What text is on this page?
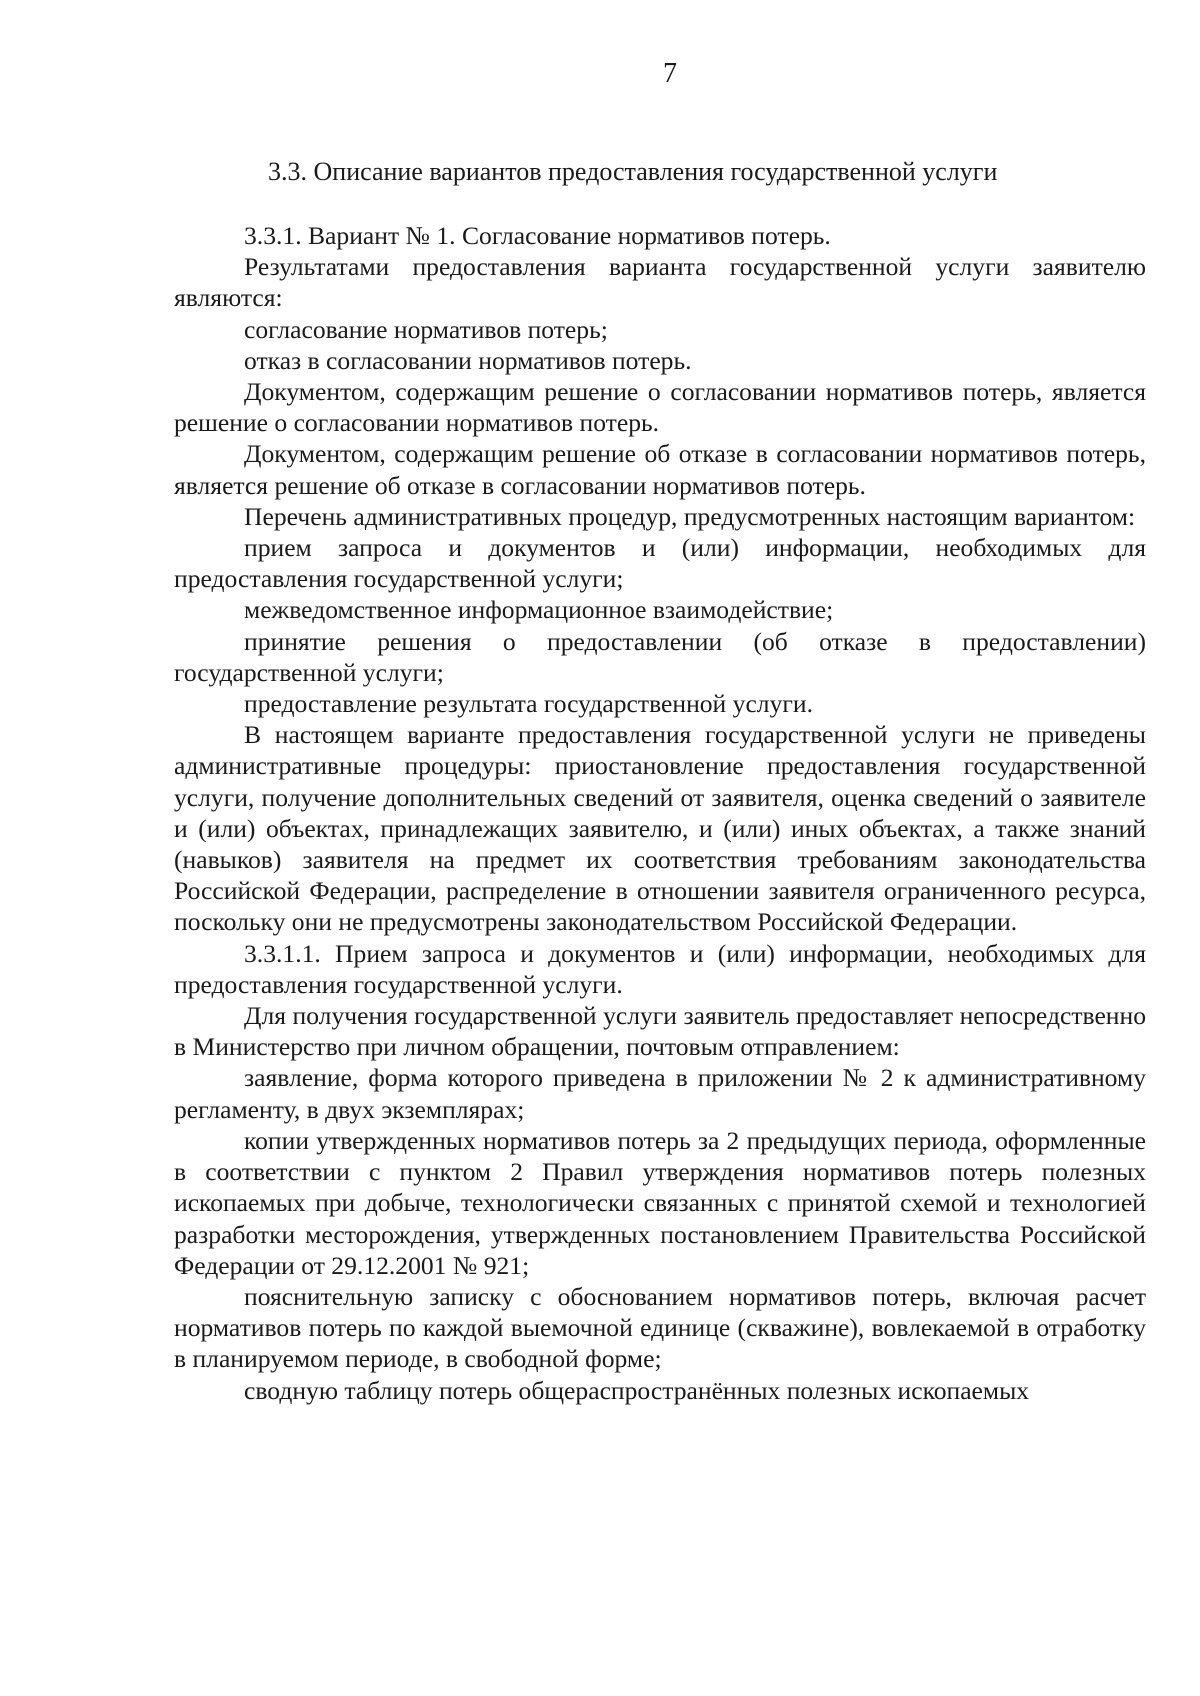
7
3.3. Описание вариантов предоставления государственной услуги

3.3.1. Вариант № 1. Согласование нормативов потерь.

Результатами предоставления варианта государственной услуги заявителю являются:

согласование нормативов потерь;

отказ в согласовании нормативов потерь.

Документом, содержащим решение о согласовании нормативов потерь, является решение о согласовании нормативов потерь.

Документом, содержащим решение об отказе в согласовании нормативов потерь, является решение об отказе в согласовании нормативов потерь.

Перечень административных процедур, предусмотренных настоящим вариантом:

прием запроса и документов и (или) информации, необходимых для предоставления государственной услуги;

межведомственное информационное взаимодействие;

принятие решения о предоставлении (об отказе в предоставлении) государственной услуги;

предоставление результата государственной услуги.

В настоящем варианте предоставления государственной услуги не приведены административные процедуры: приостановление предоставления государственной услуги, получение дополнительных сведений от заявителя, оценка сведений о заявителе и (или) объектах, принадлежащих заявителю, и (или) иных объектах, а также знаний (навыков) заявителя на предмет их соответствия требованиям законодательства Российской Федерации, распределение в отношении заявителя ограниченного ресурса, поскольку они не предусмотрены законодательством Российской Федерации.

3.3.1.1. Прием запроса и документов и (или) информации, необходимых для предоставления государственной услуги.

Для получения государственной услуги заявитель предоставляет непосредственно в Министерство при личном обращении, почтовым отправлением:

заявление, форма которого приведена в приложении № 2 к административному регламенту, в двух экземплярах;

копии утвержденных нормативов потерь за 2 предыдущих периода, оформленные в соответствии с пунктом 2 Правил утверждения нормативов потерь полезных ископаемых при добыче, технологически связанных с принятой схемой и технологией разработки месторождения, утвержденных постановлением Правительства Российской Федерации от 29.12.2001 № 921;

пояснительную записку с обоснованием нормативов потерь, включая расчет нормативов потерь по каждой выемочной единице (скважине), вовлекаемой в отработку в планируемом периоде, в свободной форме;

сводную таблицу потерь общераспространённых полезных ископаемых
